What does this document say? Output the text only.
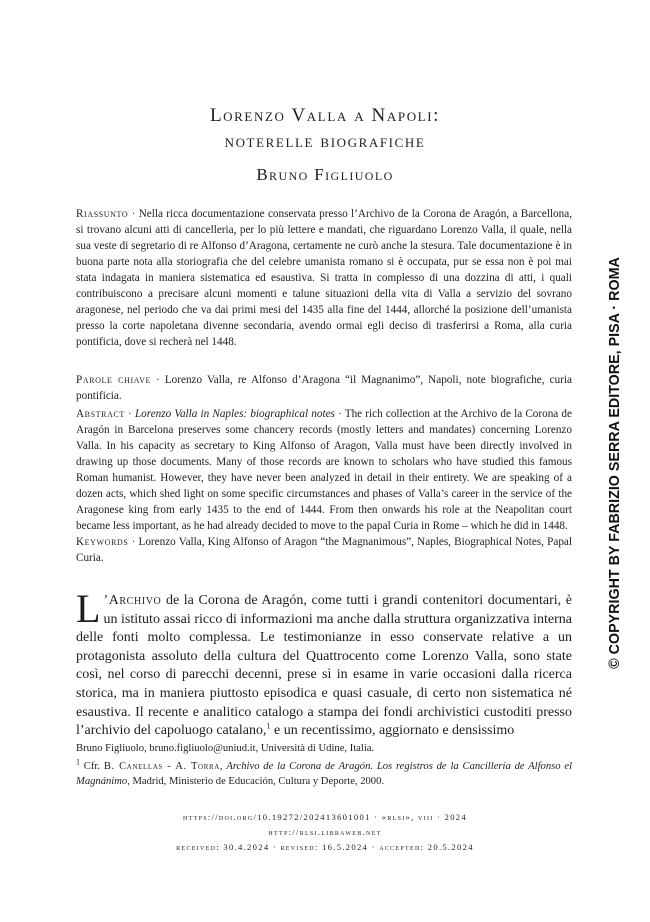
Lorenzo Valla a Napoli:
noterelle biografiche
Bruno Figliuolo
Riassunto · Nella ricca documentazione conservata presso l’Archivo de la Corona de Aragón, a Barcellona, si trovano alcuni atti di cancelleria, per lo più lettere e mandati, che riguardano Lorenzo Valla, il quale, nella sua veste di segretario di re Alfonso d’Aragona, certamente ne curò anche la stesura. Tale documentazione è in buona parte nota alla storiografia che del celebre umanista romano si è occupata, pur se essa non è poi mai stata indagata in maniera sistematica ed esaustiva. Si tratta in complesso di una dozzina di atti, i quali contribuiscono a precisare alcuni momenti e talune situazioni della vita di Valla a servizio del sovrano aragonese, nel periodo che va dai primi mesi del 1435 alla fine del 1444, allorché la posizione dell’umanista presso la corte napoletana divenne secondaria, avendo ormai egli deciso di trasferirsi a Roma, alla curia pontificia, dove si recherà nel 1448.
Parole chiave · Lorenzo Valla, re Alfonso d’Aragona “il Magnanimo”, Napoli, note biografiche, curia pontificia.
Abstract · Lorenzo Valla in Naples: biographical notes · The rich collection at the Archivo de la Corona de Aragón in Barcelona preserves some chancery records (mostly letters and mandates) concerning Lorenzo Valla. In his capacity as secretary to King Alfonso of Aragon, Valla must have been directly involved in drawing up those documents. Many of those records are known to scholars who have studied this famous Roman humanist. However, they have never been analyzed in detail in their entirety. We are speaking of a dozen acts, which shed light on some specific circumstances and phases of Valla’s career in the service of the Aragonese king from early 1435 to the end of 1444. From then onwards his role at the Neapolitan court became less important, as he had already decided to move to the papal Curia in Rome – which he did in 1448.
Keywords · Lorenzo Valla, King Alfonso of Aragon “the Magnanimous”, Naples, Biographical Notes, Papal Curia.
L ’Archivo de la Corona de Aragón, come tutti i grandi contenitori documentari, è un istituto assai ricco di informazioni ma anche dalla struttura organizzativa interna delle fonti molto complessa. Le testimonianze in esso conservate relative a un protagonista assoluto della cultura del Quattrocento come Lorenzo Valla, sono state così, nel corso di parecchi decenni, prese sì in esame in varie occasioni dalla ricerca storica, ma in maniera piuttosto episodica e quasi casuale, di certo non sistematica né esaustiva. Il recente e analitico catalogo a stampa dei fondi archivistici custoditi presso l’archivio del capoluogo catalano,$^1$ e un recentissimo, aggiornato e densissimo
Bruno Figliuolo, bruno.figliuolo@uniud.it, Università di Udine, Italia.
$^1$ Cfr. B. Canellas - A. Torra, Archivo de la Corona de Aragón. Los registros de la Cancillería de Alfonso el Magnánimo, Madrid, Ministerio de Educación, Cultura y Deporte, 2000.
https://doi.org/10.19272/202413601001 · «rlsi», viii · 2024
http://rlsi.libraweb.net
received: 30.4.2024 · revised: 16.5.2024 · accepted: 20.5.2024
© COPYRIGHT BY FABRIZIO SERRA EDITORE, PISA · ROMA
